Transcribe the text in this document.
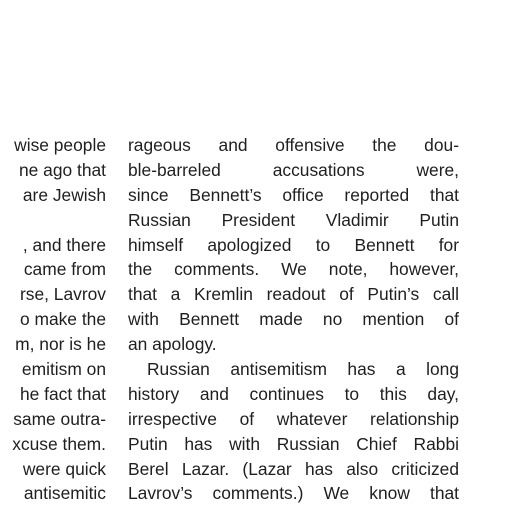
wise people
ne ago that
are Jewish
, and there
came from
rse, Lavrov
o make the
m, nor is he
emitism on
he fact that
same outra-
xcuse them.
were quick
antisemitic
rageous and offensive the dou-
ble-barreled accusations were,
since Bennett’s office reported that
Russian President Vladimir Putin
himself apologized to Bennett for
the comments. We note, however,
that a Kremlin readout of Putin’s call
with Bennett made no mention of
an apology.
Russian antisemitism has a long
history and continues to this day,
irrespective of whatever relationship
Putin has with Russian Chief Rabbi
Berel Lazar. (Lazar has also criticized
Lavrov’s comments.) We know that
